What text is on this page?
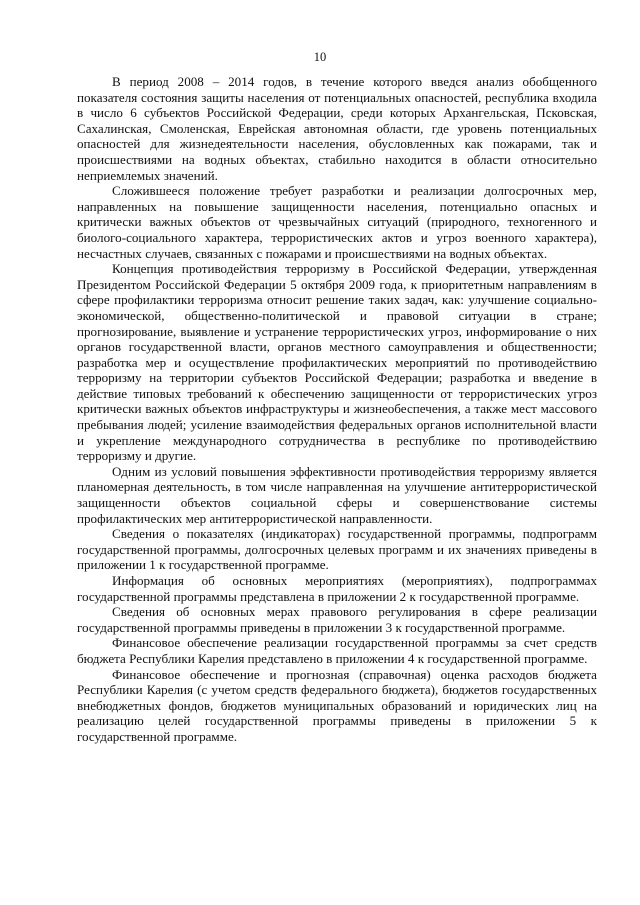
10

В период 2008 – 2014 годов, в течение которого введся анализ обобщенного показателя состояния защиты населения от потенциальных опасностей, республика входила в число 6 субъектов Российской Федерации, среди которых Архангельская, Псковская, Сахалинская, Смоленская, Еврейская автономная области, где уровень потенциальных опасностей для жизнедеятельности населения, обусловленных как пожарами, так и происшествиями на водных объектах, стабильно находится в области относительно неприемлемых значений.

Сложившееся положение требует разработки и реализации долгосрочных мер, направленных на повышение защищенности населения, потенциально опасных и критически важных объектов от чрезвычайных ситуаций (природного, техногенного и биолого-социального характера, террористических актов и угроз военного характера), несчастных случаев, связанных с пожарами и происшествиями на водных объектах.

Концепция противодействия терроризму в Российской Федерации, утвержденная Президентом Российской Федерации 5 октября 2009 года, к приоритетным направлениям в сфере профилактики терроризма относит решение таких задач, как: улучшение социально-экономической, общественно-политической и правовой ситуации в стране; прогнозирование, выявление и устранение террористических угроз, информирование о них органов государственной власти, органов местного самоуправления и общественности; разработка мер и осуществление профилактических мероприятий по противодействию терроризму на территории субъектов Российской Федерации; разработка и введение в действие типовых требований к обеспечению защищенности от террористических угроз критически важных объектов инфраструктуры и жизнеобеспечения, а также мест массового пребывания людей; усиление взаимодействия федеральных органов исполнительной власти и укрепление международного сотрудничества в республике по противодействию терроризму и другие.

Одним из условий повышения эффективности противодействия терроризму является планомерная деятельность, в том числе направленная на улучшение антитеррористической защищенности объектов социальной сферы и совершенствование системы профилактических мер антитеррористической направленности.

Сведения о показателях (индикаторах) государственной программы, подпрограмм государственной программы, долгосрочных целевых программ и их значениях приведены в приложении 1 к государственной программе.

Информация об основных мероприятиях (мероприятиях), подпрограммах государственной программы представлена в приложении 2 к государственной программе.

Сведения об основных мерах правового регулирования в сфере реализации государственной программы приведены в приложении 3 к государственной программе.

Финансовое обеспечение реализации государственной программы за счет средств бюджета Республики Карелия представлено в приложении 4 к государственной программе.

Финансовое обеспечение и прогнозная (справочная) оценка расходов бюджета Республики Карелия (с учетом средств федерального бюджета), бюджетов государственных внебюджетных фондов, бюджетов муниципальных образований и юридических лиц на реализацию целей государственной программы приведены в приложении 5 к государственной программе.
